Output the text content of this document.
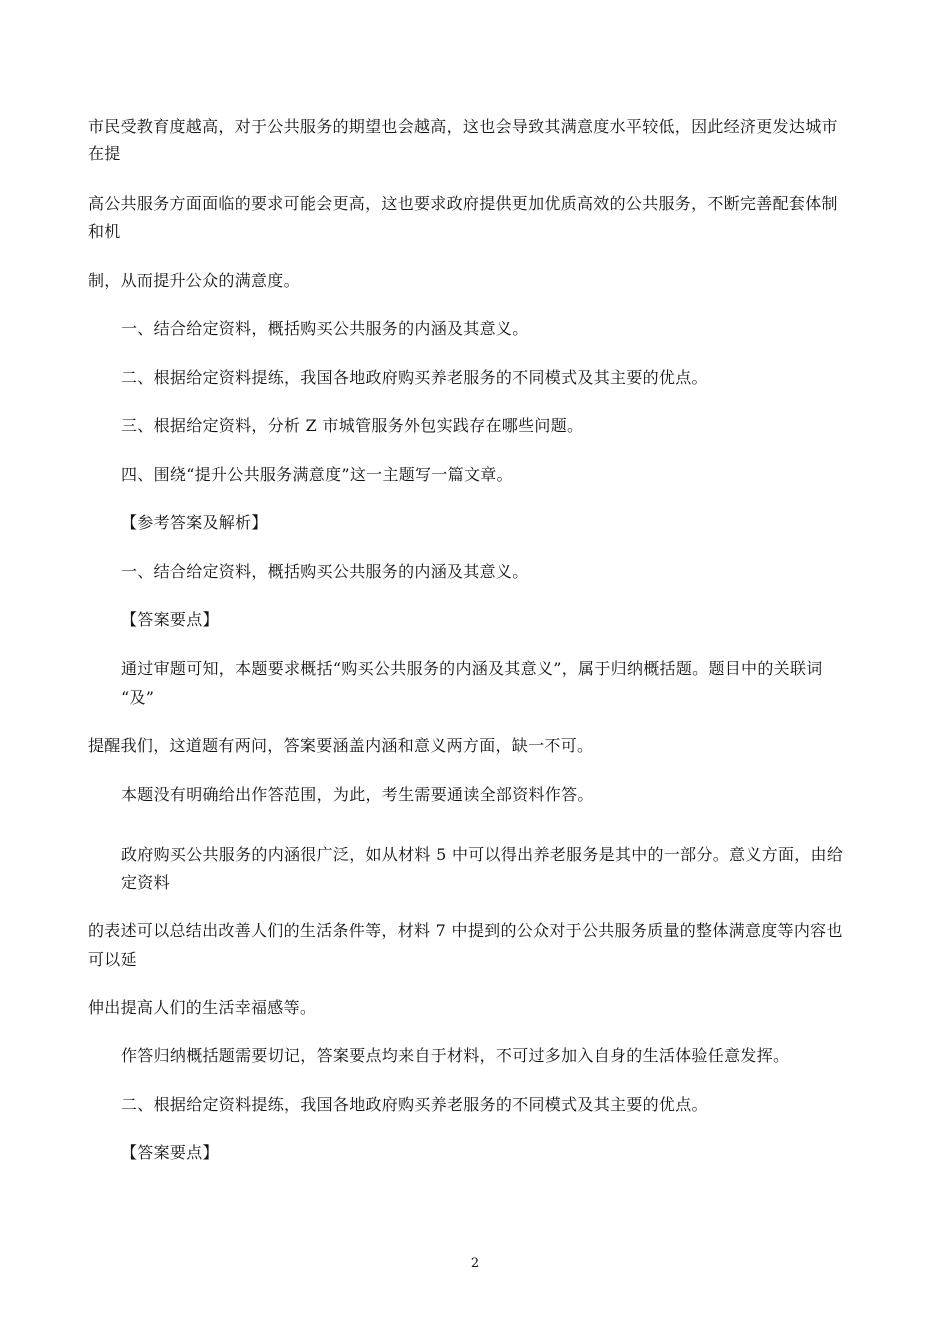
市民受教育度越高，对于公共服务的期望也会越高，这也会导致其满意度水平较低，因此经济更发达城市
在提
高公共服务方面面临的要求可能会更高，这也要求政府提供更加优质高效的公共服务，不断完善配套体制
和机
制，从而提升公众的满意度。
一、结合给定资料，概括购买公共服务的内涵及其意义。
二、根据给定资料提练，我国各地政府购买养老服务的不同模式及其主要的优点。
三、根据给定资料，分析 Z 市城管服务外包实践存在哪些问题。
四、围绕“提升公共服务满意度”这一主题写一篇文章。
【参考答案及解析】
一、结合给定资料，概括购买公共服务的内涵及其意义。
【答案要点】
通过审题可知，本题要求概括“购买公共服务的内涵及其意义”，属于归纳概括题。题目中的关联词
“及”
提醒我们，这道题有两问，答案要涵盖内涵和意义两方面，缺一不可。
本题没有明确给出作答范围，为此，考生需要通读全部资料作答。
政府购买公共服务的内涵很广泛，如从材料 5 中可以得出养老服务是其中的一部分。意义方面，由给
定资料
的表述可以总结出改善人们的生活条件等，材料 7 中提到的公众对于公共服务质量的整体满意度等内容也
可以延
伸出提高人们的生活幸福感等。
作答归纳概括题需要切记，答案要点均来自于材料，不可过多加入自身的生活体验任意发挥。
二、根据给定资料提练，我国各地政府购买养老服务的不同模式及其主要的优点。
【答案要点】
2
